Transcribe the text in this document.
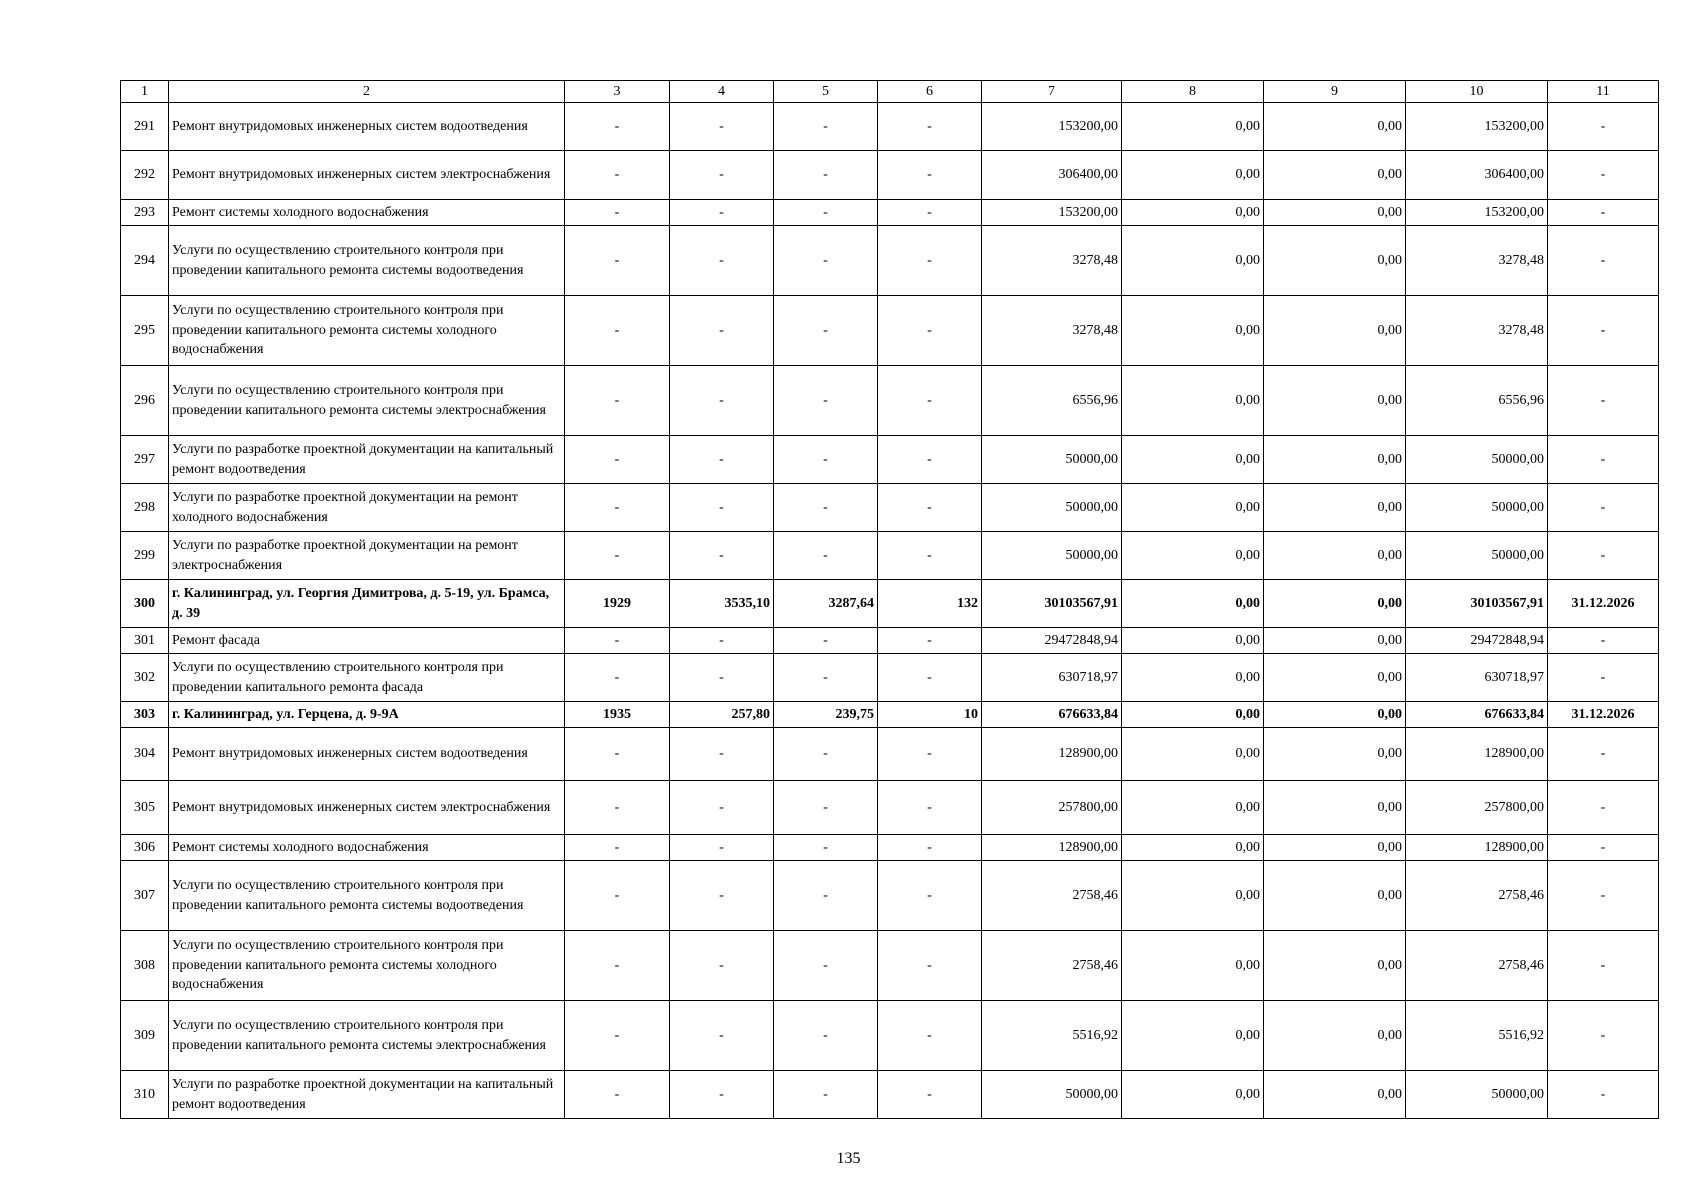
1	2	3	4	5	6	7	8	9	10	11
291	Ремонт внутридомовых инженерных систем водоотведения	-	-	-	-	153200,00	0,00	0,00	153200,00	-
292	Ремонт внутридомовых инженерных систем электроснабжения	-	-	-	-	306400,00	0,00	0,00	306400,00	-
293	Ремонт системы холодного водоснабжения	-	-	-	-	153200,00	0,00	0,00	153200,00	-
294	Услуги по осуществлению строительного контроля при проведении капитального ремонта системы водоотведения	-	-	-	-	3278,48	0,00	0,00	3278,48	-
295	Услуги по осуществлению строительного контроля при проведении капитального ремонта системы холодного водоснабжения	-	-	-	-	3278,48	0,00	0,00	3278,48	-
296	Услуги по осуществлению строительного контроля при проведении капитального ремонта системы электроснабжения	-	-	-	-	6556,96	0,00	0,00	6556,96	-
297	Услуги по разработке проектной документации на капитальный ремонт водоотведения	-	-	-	-	50000,00	0,00	0,00	50000,00	-
298	Услуги по разработке проектной документации на ремонт холодного водоснабжения	-	-	-	-	50000,00	0,00	0,00	50000,00	-
299	Услуги по разработке проектной документации на ремонт электроснабжения	-	-	-	-	50000,00	0,00	0,00	50000,00	-
300	г. Калининград, ул. Георгия Димитрова, д. 5-19, ул. Брамса, д. 39	1929	3535,10	3287,64	132	30103567,91	0,00	0,00	30103567,91	31.12.2026
301	Ремонт фасада	-	-	-	-	29472848,94	0,00	0,00	29472848,94	-
302	Услуги по осуществлению строительного контроля при проведении капитального ремонта фасада	-	-	-	-	630718,97	0,00	0,00	630718,97	-
303	г. Калининград, ул. Герцена, д. 9-9А	1935	257,80	239,75	10	676633,84	0,00	0,00	676633,84	31.12.2026
304	Ремонт внутридомовых инженерных систем водоотведения	-	-	-	-	128900,00	0,00	0,00	128900,00	-
305	Ремонт внутридомовых инженерных систем электроснабжения	-	-	-	-	257800,00	0,00	0,00	257800,00	-
306	Ремонт системы холодного водоснабжения	-	-	-	-	128900,00	0,00	0,00	128900,00	-
307	Услуги по осуществлению строительного контроля при проведении капитального ремонта системы водоотведения	-	-	-	-	2758,46	0,00	0,00	2758,46	-
308	Услуги по осуществлению строительного контроля при проведении капитального ремонта системы холодного водоснабжения	-	-	-	-	2758,46	0,00	0,00	2758,46	-
309	Услуги по осуществлению строительного контроля при проведении капитального ремонта системы электроснабжения	-	-	-	-	5516,92	0,00	0,00	5516,92	-
310	Услуги по разработке проектной документации на капитальный ремонт водоотведения	-	-	-	-	50000,00	0,00	0,00	50000,00	-
135
